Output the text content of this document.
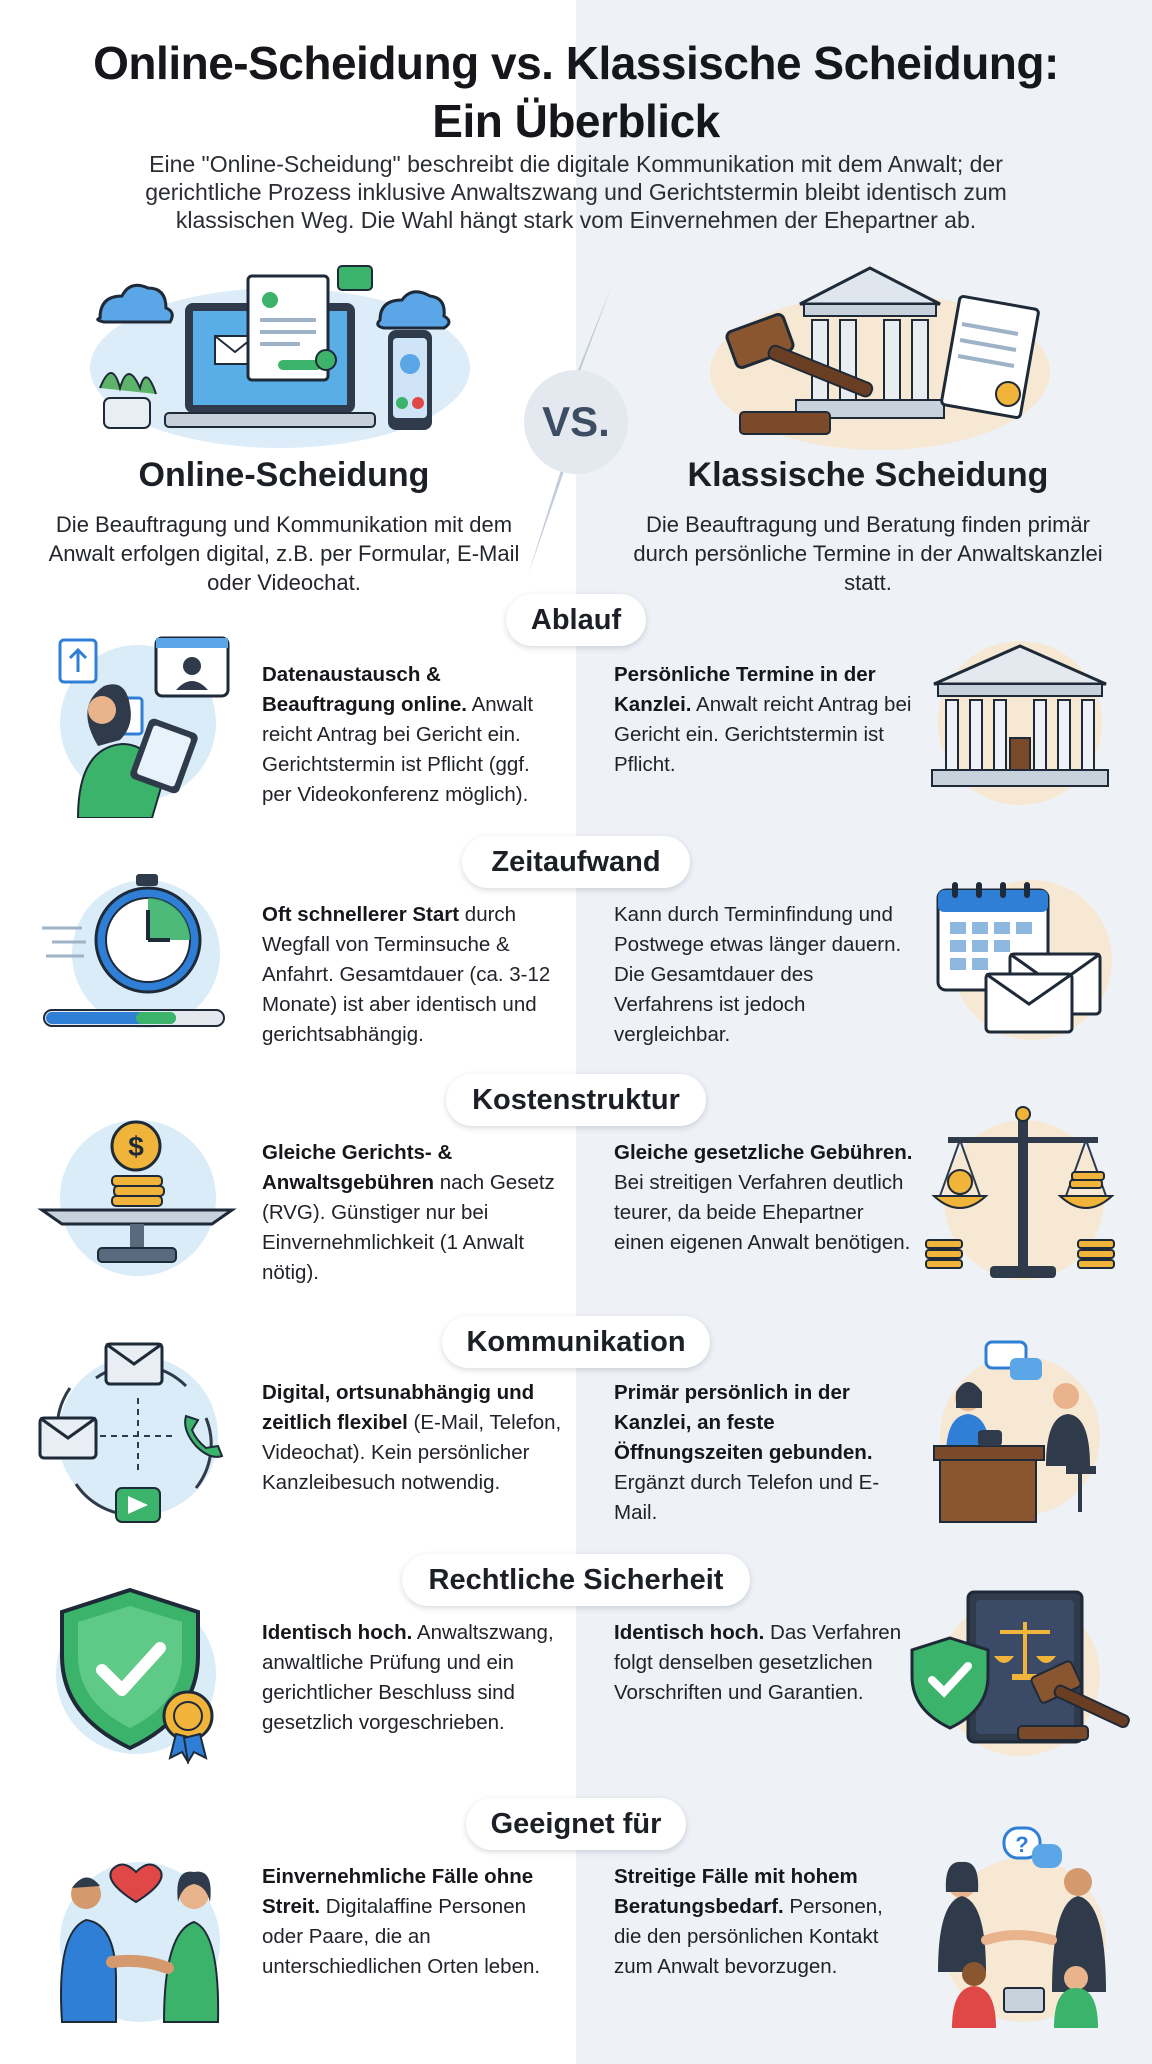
Online-Scheidung vs. Klassische Scheidung:
Ein Überblick
Eine "Online-Scheidung" beschreibt die digitale Kommunikation mit dem Anwalt; der gerichtliche Prozess inklusive Anwaltszwang und Gerichtstermin bleibt identisch zum klassischen Weg. Die Wahl hängt stark vom Einvernehmen der Ehepartner ab.
VS.
Online-Scheidung
Die Beauftragung und Kommunikation mit dem Anwalt erfolgen digital, z.B. per Formular, E-Mail oder Videochat.
Klassische Scheidung
Die Beauftragung und Beratung finden primär durch persönliche Termine in der Anwaltskanzlei statt.
Ablauf
Datenaustausch & Beauftragung online. Anwalt reicht Antrag bei Gericht ein. Gerichtstermin ist Pflicht (ggf. per Videokonferenz möglich).
Persönliche Termine in der Kanzlei. Anwalt reicht Antrag bei Gericht ein. Gerichtstermin ist Pflicht.
Zeitaufwand
Oft schnellerer Start durch Wegfall von Terminsuche & Anfahrt. Gesamtdauer (ca. 3-12 Monate) ist aber identisch und gerichtsabhängig.
Kann durch Terminfindung und Postwege etwas länger dauern. Die Gesamtdauer des Verfahrens ist jedoch vergleichbar.
Kostenstruktur
$	Gleiche Gerichts- & Anwaltsgebühren nach Gesetz (RVG). Günstiger nur bei Einvernehmlichkeit (1 Anwalt nötig).
Gleiche gesetzliche Gebühren. Bei streitigen Verfahren deutlich teurer, da beide Ehepartner einen eigenen Anwalt benötigen.
Kommunikation
Digital, ortsunabhängig und zeitlich flexibel (E-Mail, Telefon, Videochat). Kein persönlicher Kanzleibesuch notwendig.
Primär persönlich in der Kanzlei, an feste Öffnungszeiten gebunden. Ergänzt durch Telefon und E-Mail.
Rechtliche Sicherheit
Identisch hoch. Anwaltszwang, anwaltliche Prüfung und ein gerichtlicher Beschluss sind gesetzlich vorgeschrieben.
Identisch hoch. Das Verfahren folgt denselben gesetzlichen Vorschriften und Garantien.
Geeignet für
Einvernehmliche Fälle ohne Streit. Digitalaffine Personen oder Paare, die an unterschiedlichen Orten leben.
Streitige Fälle mit hohem Beratungsbedarf. Personen, die den persönlichen Kontakt zum Anwalt bevorzugen.
?
